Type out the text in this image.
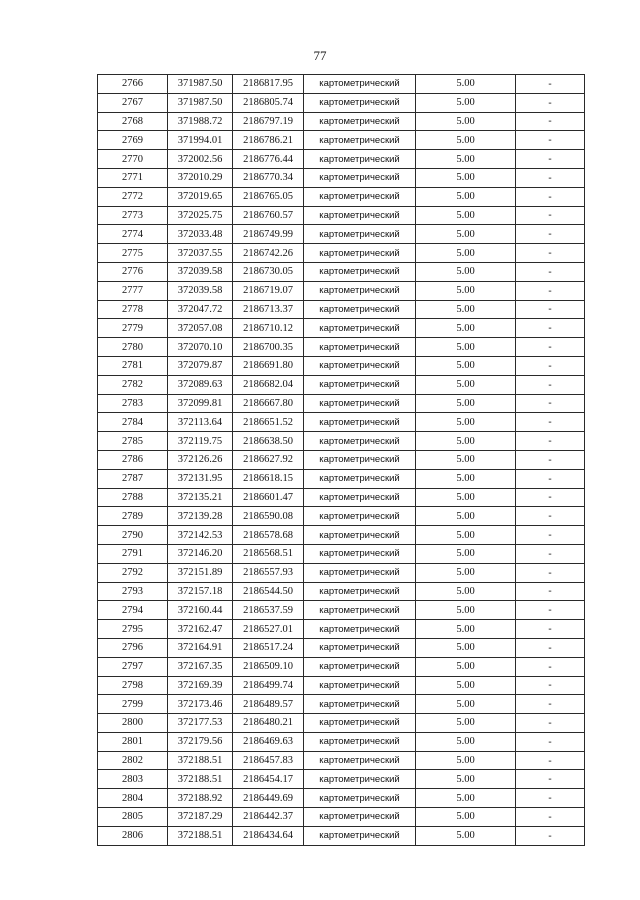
77
2766	371987.50	2186817.95	картометрический	5.00	-
2767	371987.50	2186805.74	картометрический	5.00	-
2768	371988.72	2186797.19	картометрический	5.00	-
2769	371994.01	2186786.21	картометрический	5.00	-
2770	372002.56	2186776.44	картометрический	5.00	-
2771	372010.29	2186770.34	картометрический	5.00	-
2772	372019.65	2186765.05	картометрический	5.00	-
2773	372025.75	2186760.57	картометрический	5.00	-
2774	372033.48	2186749.99	картометрический	5.00	-
2775	372037.55	2186742.26	картометрический	5.00	-
2776	372039.58	2186730.05	картометрический	5.00	-
2777	372039.58	2186719.07	картометрический	5.00	-
2778	372047.72	2186713.37	картометрический	5.00	-
2779	372057.08	2186710.12	картометрический	5.00	-
2780	372070.10	2186700.35	картометрический	5.00	-
2781	372079.87	2186691.80	картометрический	5.00	-
2782	372089.63	2186682.04	картометрический	5.00	-
2783	372099.81	2186667.80	картометрический	5.00	-
2784	372113.64	2186651.52	картометрический	5.00	-
2785	372119.75	2186638.50	картометрический	5.00	-
2786	372126.26	2186627.92	картометрический	5.00	-
2787	372131.95	2186618.15	картометрический	5.00	-
2788	372135.21	2186601.47	картометрический	5.00	-
2789	372139.28	2186590.08	картометрический	5.00	-
2790	372142.53	2186578.68	картометрический	5.00	-
2791	372146.20	2186568.51	картометрический	5.00	-
2792	372151.89	2186557.93	картометрический	5.00	-
2793	372157.18	2186544.50	картометрический	5.00	-
2794	372160.44	2186537.59	картометрический	5.00	-
2795	372162.47	2186527.01	картометрический	5.00	-
2796	372164.91	2186517.24	картометрический	5.00	-
2797	372167.35	2186509.10	картометрический	5.00	-
2798	372169.39	2186499.74	картометрический	5.00	-
2799	372173.46	2186489.57	картометрический	5.00	-
2800	372177.53	2186480.21	картометрический	5.00	-
2801	372179.56	2186469.63	картометрический	5.00	-
2802	372188.51	2186457.83	картометрический	5.00	-
2803	372188.51	2186454.17	картометрический	5.00	-
2804	372188.92	2186449.69	картометрический	5.00	-
2805	372187.29	2186442.37	картометрический	5.00	-
2806	372188.51	2186434.64	картометрический	5.00	-
